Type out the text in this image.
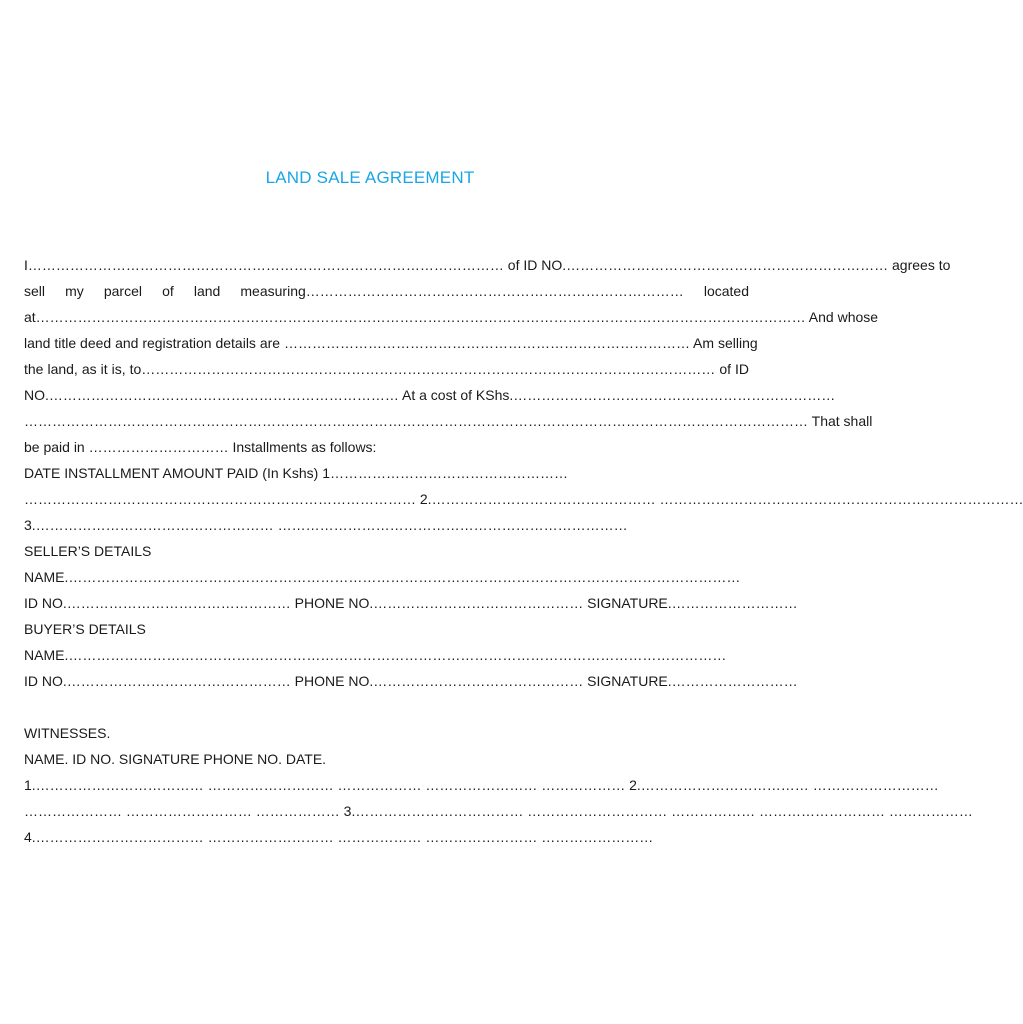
LAND SALE AGREEMENT
I………………………………………………………………………………………… of ID NO.…………………………………………………………… agrees to
sell my parcel of land measuring……………………………………………………………………… located
at………………………………………………………………………………………………………………………………………………… And whose
land title deed and registration details are …………………………………………………………………………… Am selling
the land, as it is, to…………………………………………………………………………………………………………… of ID
NO.………………………………………………………………… At a cost of KShs.……………………………………………………………
…………………………………………………………………………………………………………………………………………………… That shall
be paid in ………………………… Installments as follows:
DATE INSTALLMENT AMOUNT PAID (In Kshs) 1……………………………………………
………………………………………………………………………… 2.………………………………………… ……………………………………………………………………
3.…………………………………………… …………………………………………………………………
SELLER’S DETAILS
NAME.………………………………………………………………………………………………………………………………
ID NO.………………………………………… PHONE NO.……………………………………… SIGNATURE.………………………
BUYER’S DETAILS
NAME.……………………………………………………………………………………………………………………………
ID NO.………………………………………… PHONE NO.……………………………………… SIGNATURE.………………………
WITNESSES.
NAME. ID NO. SIGNATURE PHONE NO. DATE.
1.……………………………… ……………………… ……………… …………………… ……………… 2.……………………………… ………………………
………………… ……………………… ……………… 3.……………………………… ………………………… ……………… ……………………… ………………
4.……………………………… ……………………… ……………… …………………… ……………………
